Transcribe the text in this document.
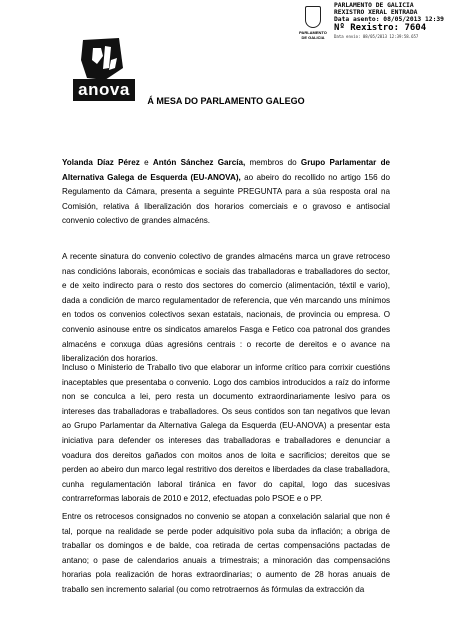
anova
PARLAMENTO DE GALICIA
PARLAMENTO DE GALICIA
REXISTRO XERAL ENTRADA
Data asento: 08/05/2013 12:39
Nº Rexistro: 7604
Data envío: 08/05/2013 12:39:58.657
Á MESA DO PARLAMENTO GALEGO
Yolanda Díaz Pérez e Antón Sánchez García, membros do Grupo Parlamentar de Alternativa Galega de Esquerda (EU-ANOVA), ao abeiro do recollido no artigo 156 do Regulamento da Cámara, presenta a seguinte PREGUNTA para a súa resposta oral na Comisión, relativa á liberalización dos horarios comerciais e o gravoso e antisocial convenio colectivo de grandes almacéns.
A recente sinatura do convenio colectivo de grandes almacéns marca un grave retroceso nas condicións laborais, económicas e sociais das traballadoras e traballadores do sector, e de xeito indirecto para o resto dos sectores do comercio (alimentación, téxtil e vario), dada a condición de marco regulamentador de referencia, que vén marcando uns mínimos en todos os convenios colectivos sexan estatais, nacionais, de provincia ou empresa. O convenio asinouse entre os sindicatos amarelos Fasga e Fetico coa patronal dos grandes almacéns e conxuga dúas agresións centrais : o recorte de dereitos e o avance na liberalización dos horarios.
Incluso o Ministerio de Traballo tivo que elaborar un informe crítico para corrixir cuestións inaceptables que presentaba o convenio. Logo dos cambios introducidos a raíz do informe non se conculca a lei, pero resta un documento extraordinariamente lesivo para os intereses das traballadoras e traballadores. Os seus contidos son tan negativos que levan ao Grupo Parlamentar da Alternativa Galega da Esquerda (EU-ANOVA) a presentar esta iniciativa para defender os intereses das traballadoras e traballadores e denunciar a voadura dos dereitos gañados con moitos anos de loita e sacrificios; dereitos que se perden ao abeiro dun marco legal restritivo dos dereitos e liberdades da clase traballadora, cunha regulamentación laboral tiránica en favor do capital, logo das sucesivas contrarreformas laborais de 2010 e 2012, efectuadas polo PSOE e o PP.
Entre os retrocesos consignados no convenio se atopan a conxelación salarial que non é tal, porque na realidade se perde poder adquisitivo pola suba da inflación; a obriga de traballar os domingos e de balde, coa retirada de certas compensacións pactadas de antano; o pase de calendarios anuais a trimestrais; a minoración das compensacións horarias pola realización de horas extraordinarias; o aumento de 28 horas anuais de traballo sen incremento salarial (ou como retrotraernos ás fórmulas da extracción da
